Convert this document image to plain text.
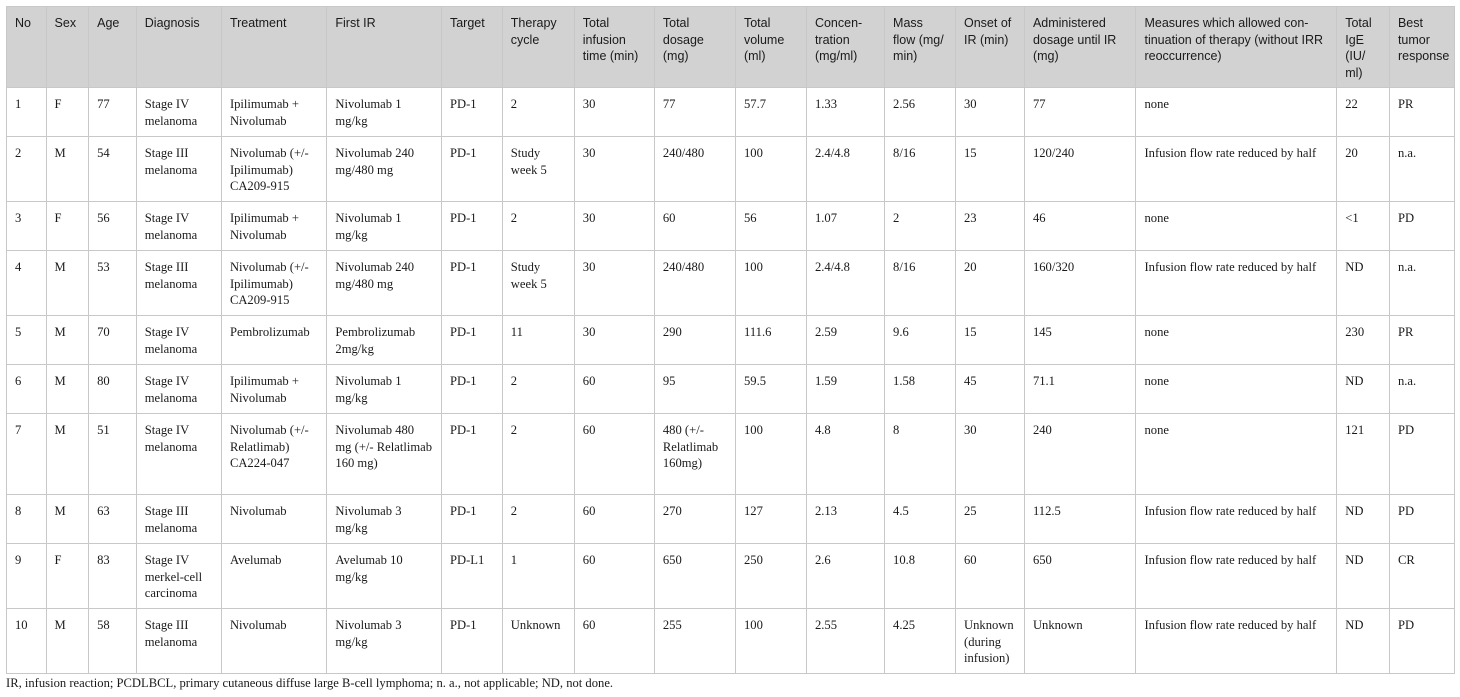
No	Sex	Age	Diagnosis	Treatment	First IR	Target	Therapy cycle	Total infusion time (min)	Total dosage (mg)	Total volume (ml)	Concen-tration (mg/ml)	Mass flow (mg/ min)	Onset of IR (min)	Administered dosage until IR (mg)	Measures which allowed con-tinuation of therapy (without IRR reoccurrence)	Total IgE (IU/ ml)	Best tumor response
1	F	77	Stage IV melanoma	Ipilimumab + Nivolumab	Nivolumab 1 mg/kg	PD-1	2	30	77	57.7	1.33	2.56	30	77	none	22	PR
2	M	54	Stage III melanoma	Nivolumab (+/- Ipilimumab) CA209-915	Nivolumab 240 mg/480 mg	PD-1	Study week 5	30	240/480	100	2.4/4.8	8/16	15	120/240	Infusion flow rate reduced by half	20	n.a.
3	F	56	Stage IV melanoma	Ipilimumab + Nivolumab	Nivolumab 1 mg/kg	PD-1	2	30	60	56	1.07	2	23	46	none	<1	PD
4	M	53	Stage III melanoma	Nivolumab (+/- Ipilimumab) CA209-915	Nivolumab 240 mg/480 mg	PD-1	Study week 5	30	240/480	100	2.4/4.8	8/16	20	160/320	Infusion flow rate reduced by half	ND	n.a.
5	M	70	Stage IV melanoma	Pembrolizumab	Pembrolizumab 2mg/kg	PD-1	11	30	290	111.6	2.59	9.6	15	145	none	230	PR
6	M	80	Stage IV melanoma	Ipilimumab + Nivolumab	Nivolumab 1 mg/kg	PD-1	2	60	95	59.5	1.59	1.58	45	71.1	none	ND	n.a.
7	M	51	Stage IV melanoma	Nivolumab (+/- Relatlimab) CA224-047	Nivolumab 480 mg (+/- Relatlimab 160 mg)	PD-1	2	60	480 (+/- Relatlimab 160mg)	100	4.8	8	30	240	none	121	PD
8	M	63	Stage III melanoma	Nivolumab	Nivolumab 3 mg/kg	PD-1	2	60	270	127	2.13	4.5	25	112.5	Infusion flow rate reduced by half	ND	PD
9	F	83	Stage IV merkel-cell carcinoma	Avelumab	Avelumab 10 mg/kg	PD-L1	1	60	650	250	2.6	10.8	60	650	Infusion flow rate reduced by half	ND	CR
10	M	58	Stage III melanoma	Nivolumab	Nivolumab 3 mg/kg	PD-1	Unknown	60	255	100	2.55	4.25	Unknown (during infusion)	Unknown	Infusion flow rate reduced by half	ND	PD
IR, infusion reaction; PCDLBCL, primary cutaneous diffuse large B-cell lymphoma; n. a., not applicable; ND, not done.
